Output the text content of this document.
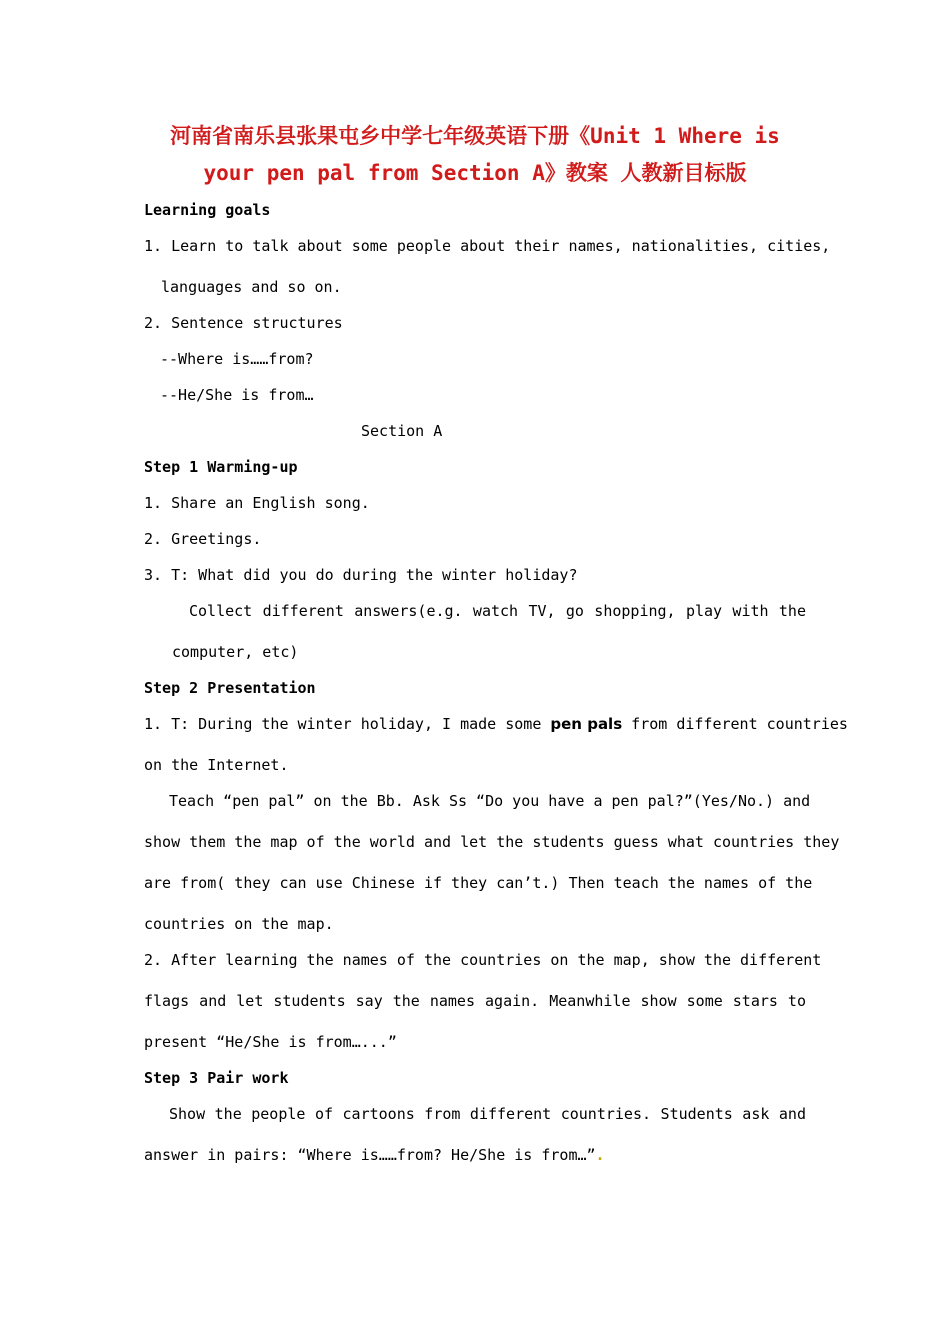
河南省南乐县张果屯乡中学七年级英语下册《Unit 1 Where is
your pen pal from Section A》教案 人教新目标版
Learning goals
1. Learn to talk about some people about their names, nationalities, cities,
languages and so on.
2. Sentence structures
--Where is……from?
--He/She is from…
Section A
Step 1 Warming-up
1. Share an English song.
2. Greetings.
3. T: What did you do during the winter holiday?
Collect different answers(e.g. watch TV, go shopping, play with the
computer, etc)
Step 2 Presentation
1. T: During the winter holiday, I made some pen pals from different countries
on the Internet.
Teach “pen pal” on the Bb. Ask Ss “Do you have a pen pal?”(Yes/No.) and
show them the map of the world and let the students guess what countries they
are from( they can use Chinese if they can’t.) Then teach the names of the
countries on the map.
2. After learning the names of the countries on the map, show the different
flags and let students say the names again. Meanwhile show some stars to
present “He/She is from…...”
Step 3 Pair work
Show the people of cartoons from different countries. Students ask and
answer in pairs: “Where is……from? He/She is from…”.
